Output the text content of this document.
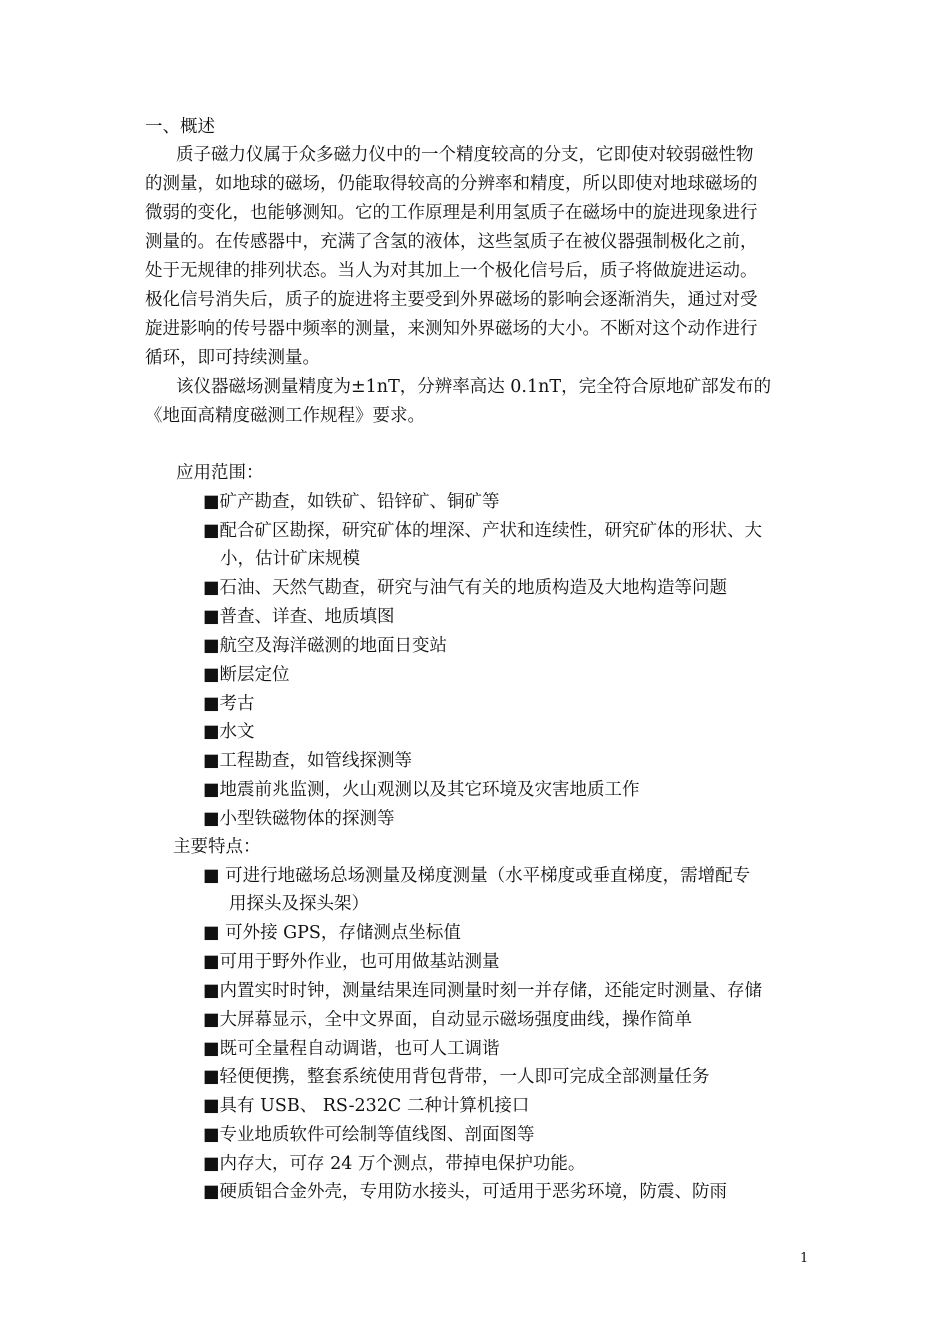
一、概述
质子磁力仪属于众多磁力仪中的一个精度较高的分支，它即使对较弱磁性物
的测量，如地球的磁场，仍能取得较高的分辨率和精度，所以即使对地球磁场的
微弱的变化，也能够测知。它的工作原理是利用氢质子在磁场中的旋进现象进行
测量的。在传感器中，充满了含氢的液体，这些氢质子在被仪器强制极化之前，
处于无规律的排列状态。当人为对其加上一个极化信号后，质子将做旋进运动。
极化信号消失后，质子的旋进将主要受到外界磁场的影响会逐渐消失，通过对受
旋进影响的传号器中频率的测量，来测知外界磁场的大小。不断对这个动作进行
循环，即可持续测量。
该仪器磁场测量精度为±1nT，分辨率高达 0.1nT，完全符合原地矿部发布的
《地面高精度磁测工作规程》要求。
应用范围：
■矿产勘查，如铁矿、铅锌矿、铜矿等
■配合矿区勘探，研究矿体的埋深、产状和连续性，研究矿体的形状、大
小，估计矿床规模
■石油、天然气勘查，研究与油气有关的地质构造及大地构造等问题
■普查、详查、地质填图
■航空及海洋磁测的地面日变站
■断层定位
■考古
■水文
■工程勘查，如管线探测等
■地震前兆监测，火山观测以及其它环境及灾害地质工作
■小型铁磁物体的探测等
主要特点：
■ 可进行地磁场总场测量及梯度测量（水平梯度或垂直梯度，需增配专
用探头及探头架）
■ 可外接 GPS，存储测点坐标值
■可用于野外作业，也可用做基站测量
■内置实时时钟，测量结果连同测量时刻一并存储，还能定时测量、存储
■大屏幕显示，全中文界面，自动显示磁场强度曲线，操作简单
■既可全量程自动调谐，也可人工调谐
■轻便便携，整套系统使用背包背带，一人即可完成全部测量任务
■具有 USB、 RS-232C 二种计算机接口
■专业地质软件可绘制等值线图、剖面图等
■内存大，可存 24 万个测点，带掉电保护功能。
■硬质铝合金外壳，专用防水接头，可适用于恶劣环境，防震、防雨
1
